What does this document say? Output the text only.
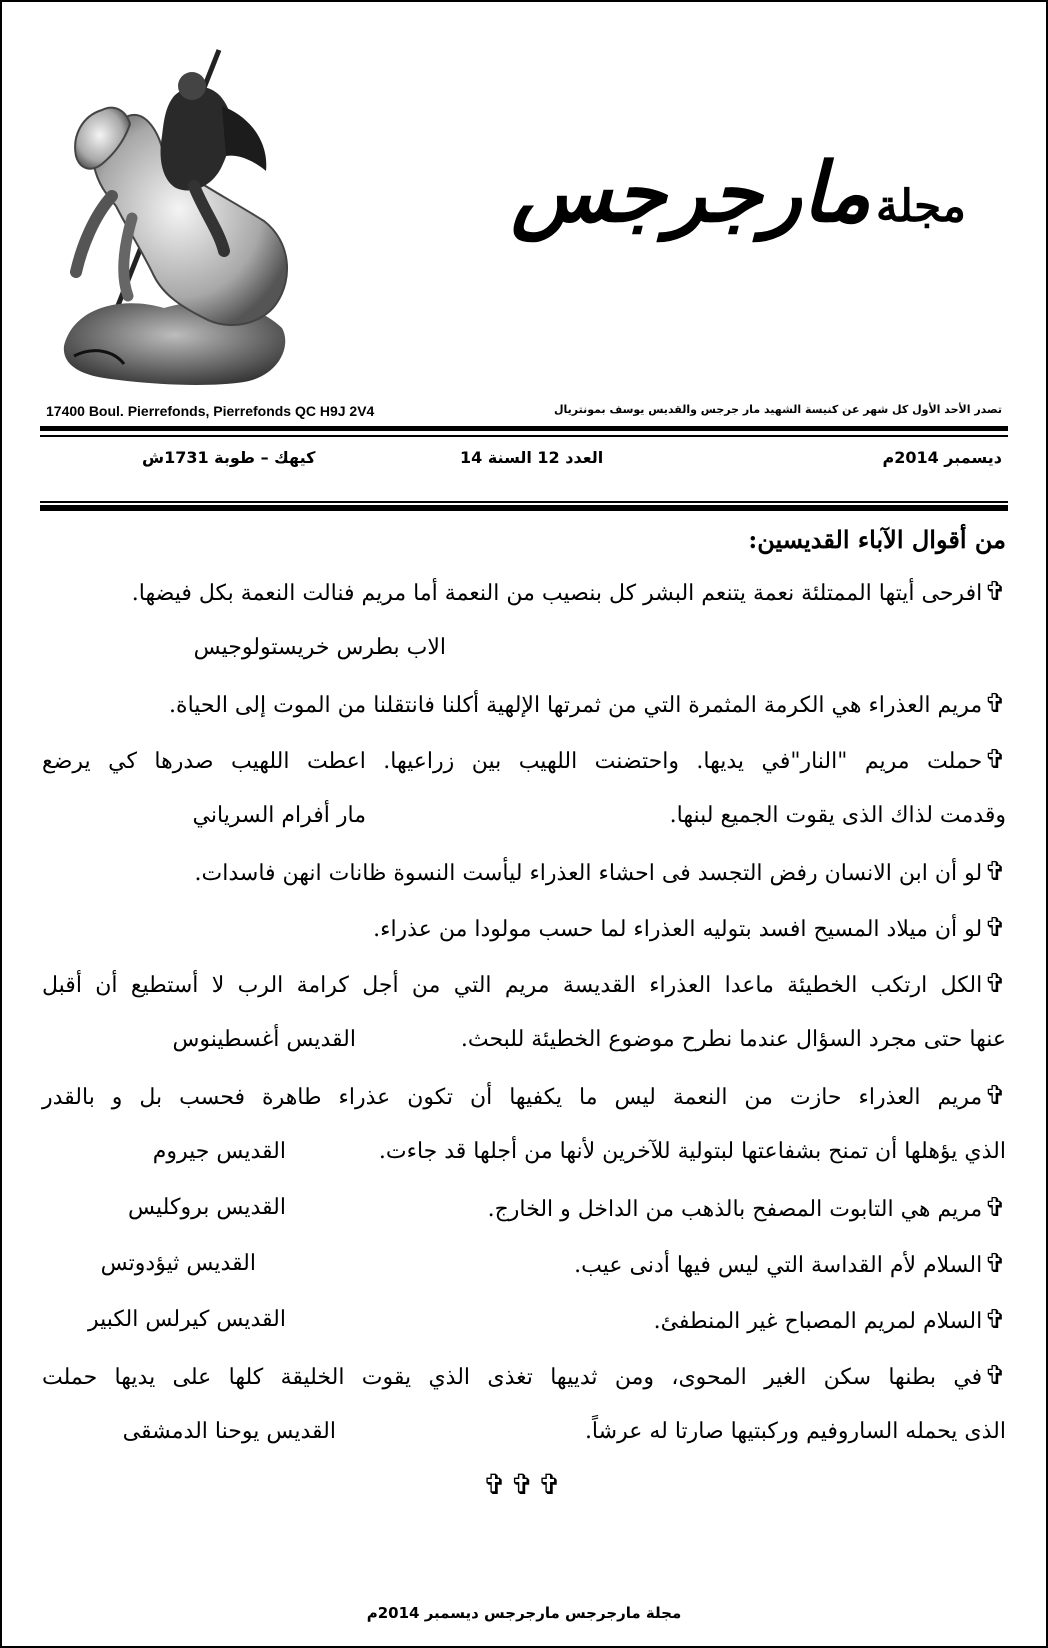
مجلة مارجرجس
17400 Boul. Pierrefonds, Pierrefonds QC H9J 2V4	تصدر الأحد الأول كل شهر عن كنيسة الشهيد مار جرجس والقديس يوسف بمونتريال
ديسمبر 2014م
العدد 12 السنة 14
كيهك – طوبة 1731ش
من أقوال الآباء القديسين:
✞افرحى أيتها الممتلئة نعمة يتنعم البشر كل بنصيب من النعمة أما مريم فنالت النعمة بكل فيضها.
الاب بطرس خريستولوجيس
✞مريم العذراء هي الكرمة المثمرة التي من ثمرتها الإلهية أكلنا فانتقلنا من الموت إلى الحياة.
✞حملت مريم "النار"في يديها. واحتضنت اللهيب بين زراعيها. اعطت اللهيب صدرها كي يرضع
وقدمت لذاك الذى يقوت الجميع لبنها.
مار أفرام السرياني
✞لو أن ابن الانسان رفض التجسد فى احشاء العذراء ليأست النسوة ظانات انهن فاسدات.
✞لو أن ميلاد المسيح افسد بتوليه العذراء لما حسب مولودا من عذراء.
✞الكل ارتكب الخطيئة ماعدا العذراء القديسة مريم التي من أجل كرامة الرب لا أستطيع أن أقبل
عنها حتى مجرد السؤال عندما نطرح موضوع الخطيئة للبحث.
القديس أغسطينوس
✞مريم العذراء حازت من النعمة ليس ما يكفيها أن تكون عذراء طاهرة فحسب بل و بالقدر
الذي يؤهلها أن تمنح بشفاعتها لبتولية للآخرين لأنها من أجلها قد جاءت.
القديس جيروم
✞مريم هي التابوت المصفح بالذهب من الداخل و الخارج.
القديس بروكليس
✞السلام لأم القداسة التي ليس فيها أدنى عيب.
القديس ثيؤدوتس
✞السلام لمريم المصباح غير المنطفئ.
القديس كيرلس الكبير
✞في بطنها سكن الغير المحوى، ومن ثدييها تغذى الذي يقوت الخليقة كلها على يديها حملت
الذى يحمله الساروفيم وركبتيها صارتا له عرشاً.
القديس يوحنا الدمشقى
✞✞✞
مجلة مارجرجس مارجرجس ديسمبر 2014م
